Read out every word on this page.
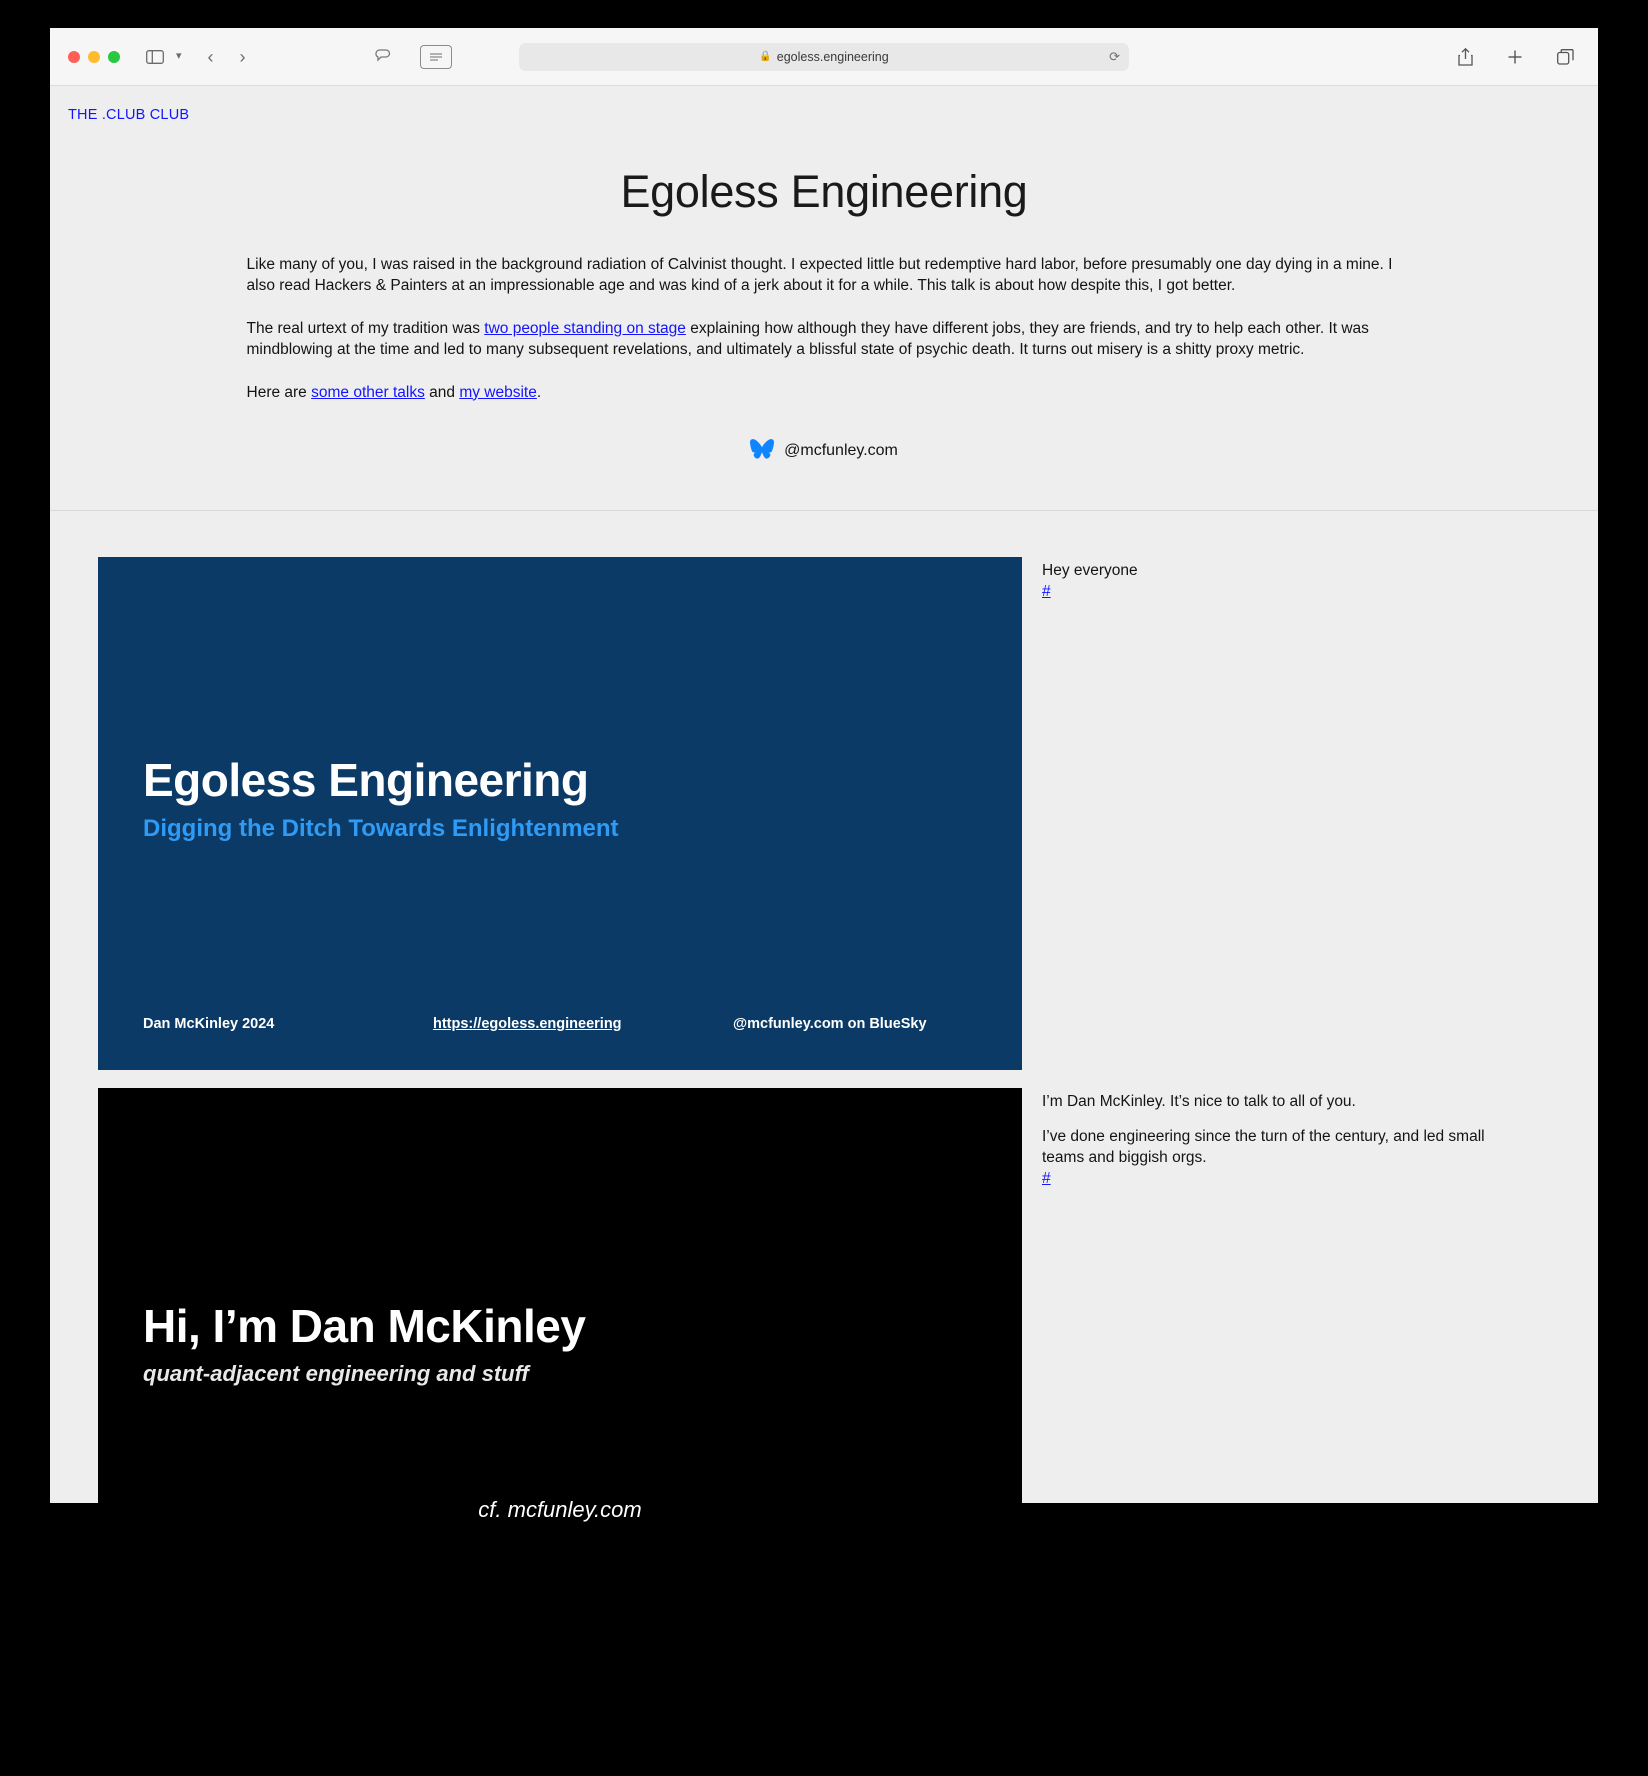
▾	‹	›	🔒 egoless.engineering	⟳
THE .CLUB CLUB
Egoless Engineering

Like many of you, I was raised in the background radiation of Calvinist thought. I expected little but redemptive hard labor, before presumably one day dying in a mine. I also read Hackers & Painters at an impressionable age and was kind of a jerk about it for a while. This talk is about how despite this, I got better.

The real urtext of my tradition was two people standing on stage explaining how although they have different jobs, they are friends, and try to help each other. It was mindblowing at the time and led to many subsequent revelations, and ultimately a blissful state of psychic death. It turns out misery is a shitty proxy metric.

Here are some other talks and my website.

@mcfunley.com
Egoless Engineering
Digging the Ditch Towards Enlightenment
Dan McKinley 2024	https://egoless.engineering	@mcfunley.com on BlueSky

Hey everyone

#
Hi, I’m Dan McKinley
quant-adjacent engineering and stuff
cf. mcfunley.com

I’m Dan McKinley. It’s nice to talk to all of you.

I’ve done engineering since the turn of the century, and led small teams and biggish orgs.

#
